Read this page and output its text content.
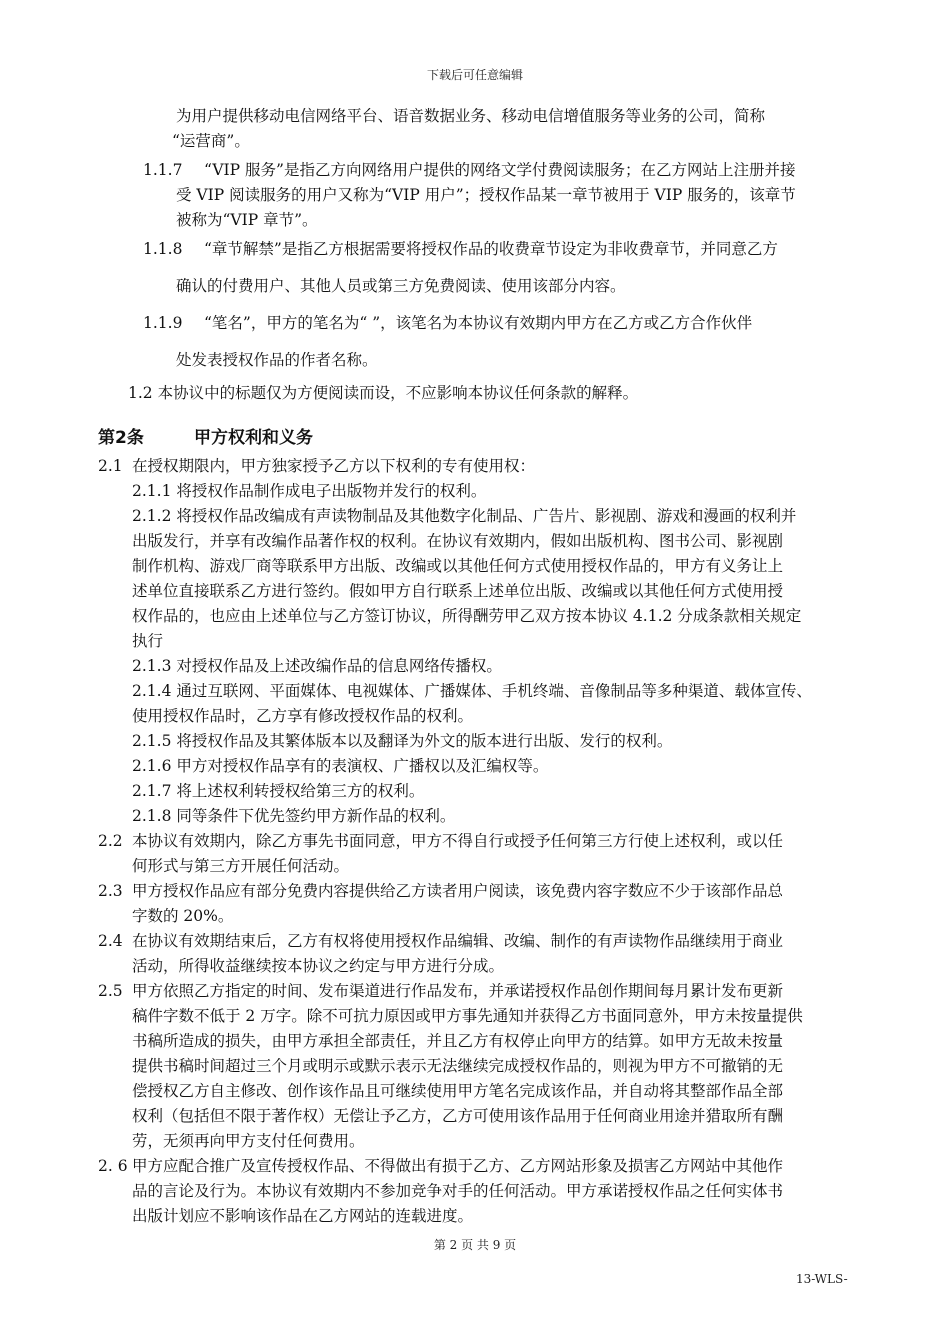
下载后可任意编辑
为用户提供移动电信网络平台、语音数据业务、移动电信增值服务等业务的公司，简称
“运营商”。
1.1.7 “VIP 服务”是指乙方向网络用户提供的网络文学付费阅读服务；在乙方网站上注册并接
受 VIP 阅读服务的用户又称为“VIP 用户”；授权作品某一章节被用于 VIP 服务的，该章节
被称为“VIP 章节”。
1.1.8 “章节解禁”是指乙方根据需要将授权作品的收费章节设定为非收费章节，并同意乙方
确认的付费用户、其他人员或第三方免费阅读、使用该部分内容。
1.1.9 “笔名”，甲方的笔名为“ ”，该笔名为本协议有效期内甲方在乙方或乙方合作伙伴
处发表授权作品的作者名称。
1.2 本协议中的标题仅为方便阅读而设，不应影响本协议任何条款的解释。
第2条	甲方权利和义务
2.1 在授权期限内，甲方独家授予乙方以下权利的专有使用权：
2.1.1 将授权作品制作成电子出版物并发行的权利。
2.1.2 将授权作品改编成有声读物制品及其他数字化制品、广告片、影视剧、游戏和漫画的权利并
出版发行，并享有改编作品著作权的权利。在协议有效期内，假如出版机构、图书公司、影视剧
制作机构、游戏厂商等联系甲方出版、改编或以其他任何方式使用授权作品的，甲方有义务让上
述单位直接联系乙方进行签约。假如甲方自行联系上述单位出版、改编或以其他任何方式使用授
权作品的，也应由上述单位与乙方签订协议，所得酬劳甲乙双方按本协议 4.1.2 分成条款相关规定
执行
2.1.3 对授权作品及上述改编作品的信息网络传播权。
2.1.4 通过互联网、平面媒体、电视媒体、广播媒体、手机终端、音像制品等多种渠道、载体宣传、
使用授权作品时，乙方享有修改授权作品的权利。
2.1.5 将授权作品及其繁体版本以及翻译为外文的版本进行出版、发行的权利。
2.1.6 甲方对授权作品享有的表演权、广播权以及汇编权等。
2.1.7 将上述权利转授权给第三方的权利。
2.1.8 同等条件下优先签约甲方新作品的权利。
2.2 本协议有效期内，除乙方事先书面同意，甲方不得自行或授予任何第三方行使上述权利，或以任
何形式与第三方开展任何活动。
2.3 甲方授权作品应有部分免费内容提供给乙方读者用户阅读，该免费内容字数应不少于该部作品总
字数的 20%。
2.4 在协议有效期结束后，乙方有权将使用授权作品编辑、改编、制作的有声读物作品继续用于商业
活动，所得收益继续按本协议之约定与甲方进行分成。
2.5 甲方依照乙方指定的时间、发布渠道进行作品发布，并承诺授权作品创作期间每月累计发布更新
稿件字数不低于 2 万字。除不可抗力原因或甲方事先通知并获得乙方书面同意外，甲方未按量提供
书稿所造成的损失，由甲方承担全部责任，并且乙方有权停止向甲方的结算。如甲方无故未按量
提供书稿时间超过三个月或明示或默示表示无法继续完成授权作品的，则视为甲方不可撤销的无
偿授权乙方自主修改、创作该作品且可继续使用甲方笔名完成该作品，并自动将其整部作品全部
权利（包括但不限于著作权）无偿让予乙方，乙方可使用该作品用于任何商业用途并猎取所有酬
劳，无须再向甲方支付任何费用。
2. 6 甲方应配合推广及宣传授权作品、不得做出有损于乙方、乙方网站形象及损害乙方网站中其他作
品的言论及行为。本协议有效期内不参加竞争对手的任何活动。甲方承诺授权作品之任何实体书
出版计划应不影响该作品在乙方网站的连载进度。
第 2 页 共 9 页
13-WLS-
